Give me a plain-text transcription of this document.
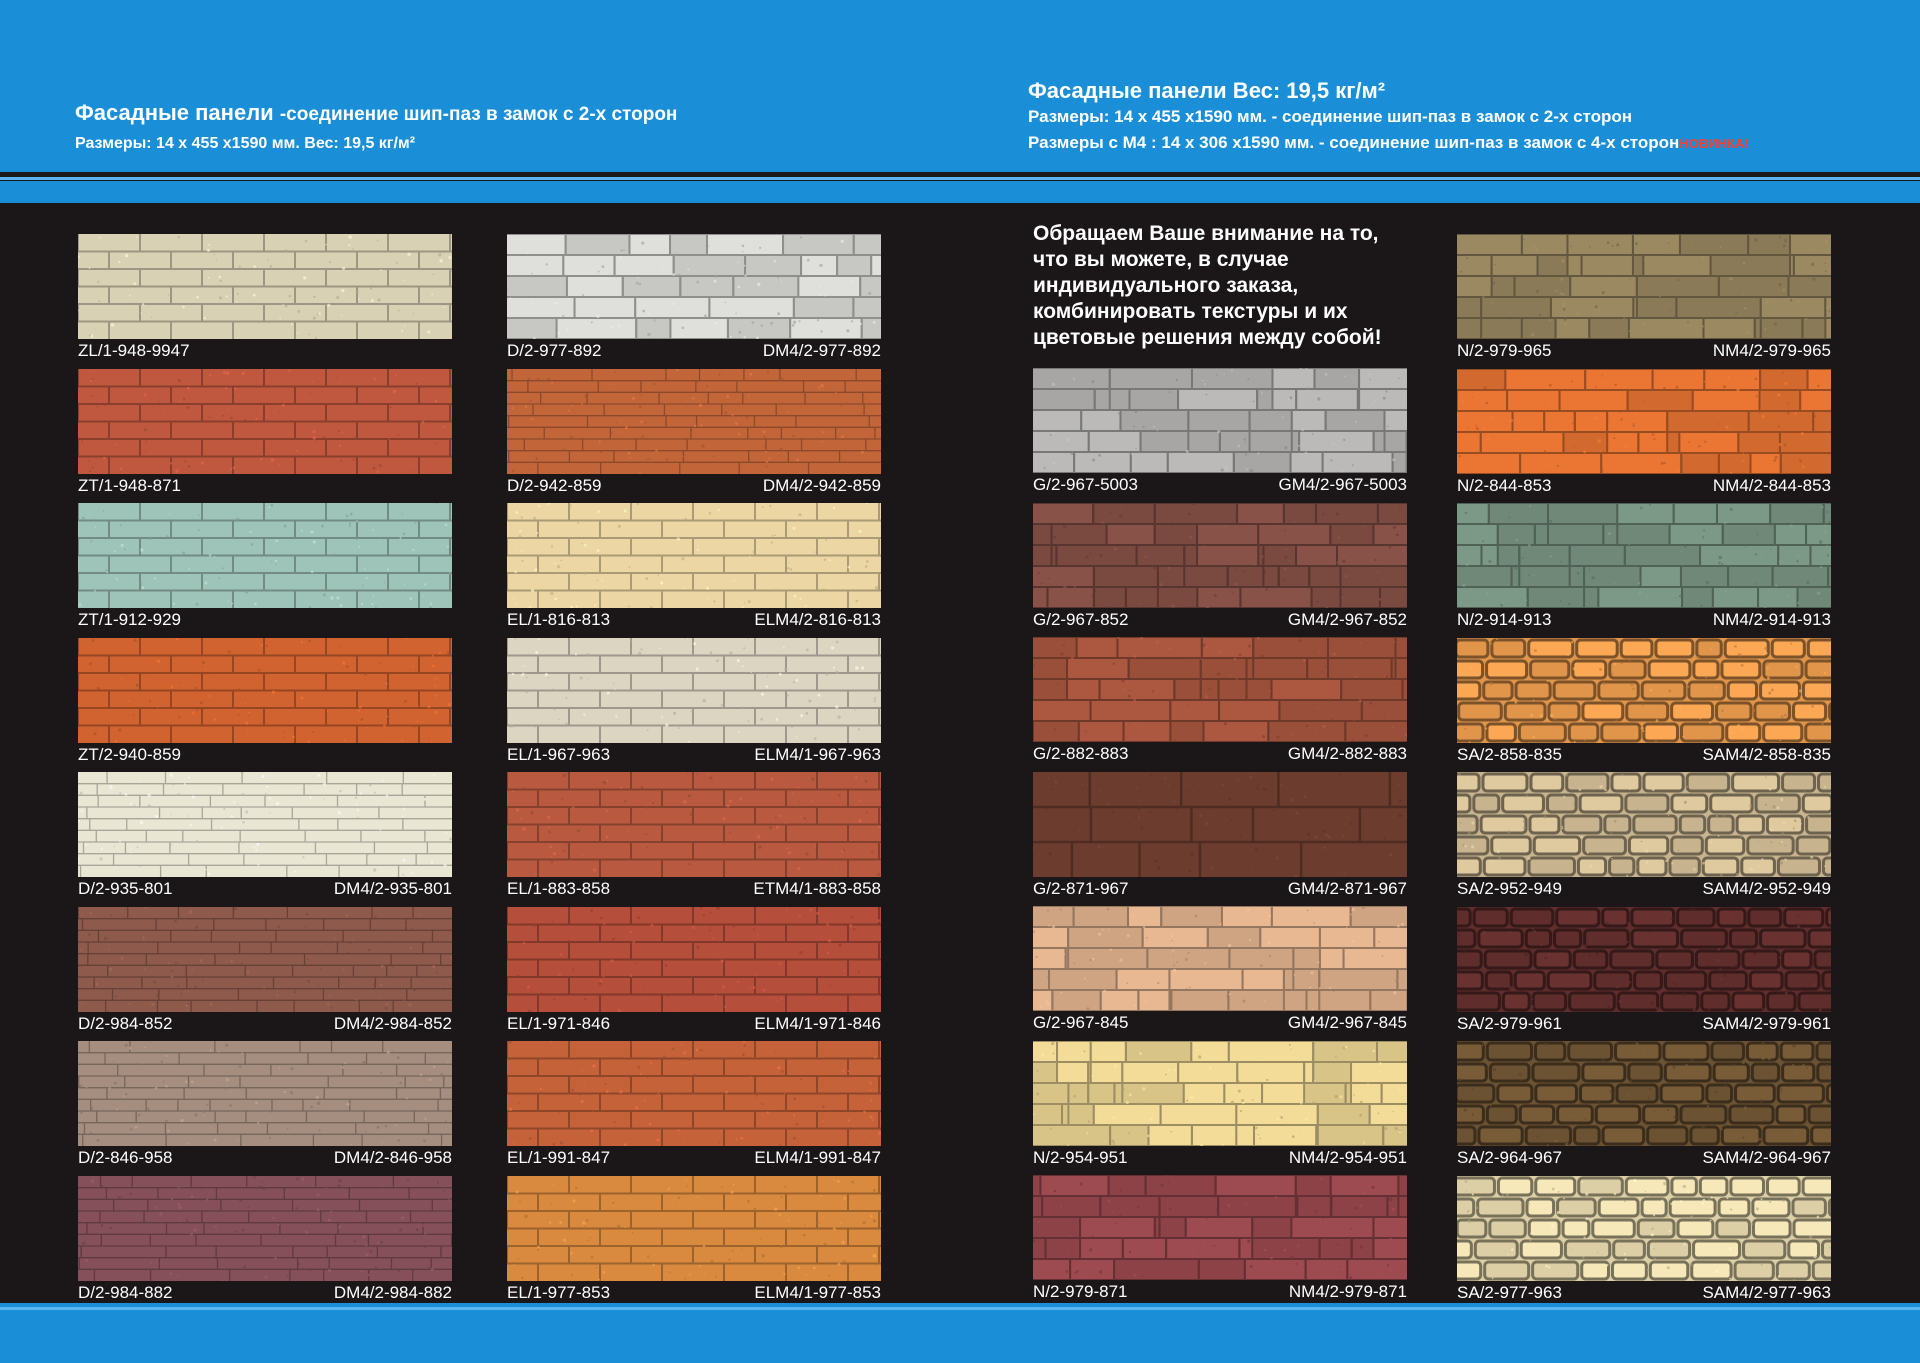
Фасадные панели -соединение шип-паз в замок с 2-х сторон
Размеры: 14 х 455 х1590 мм. Вес: 19,5 кг/м²
Фасадные панели Вес: 19,5 кг/м²
Размеры: 14 х 455 х1590 мм. - соединение шип-паз в замок с 2-х сторон
Размеры с М4 : 14 х 306 х1590 мм. - соединение шип-паз в замок с 4-х сторонНОВИНКА!
Обращаем Ваше внимание на то, что вы можете, в случае индивидуального заказа, комбинировать текстуры и их цветовые решения между собой!
ZL/1-948-9947
ZT/1-948-871
ZT/1-912-929
ZT/2-940-859
D/2-935-801	DM4/2-935-801
D/2-984-852	DM4/2-984-852
D/2-846-958	DM4/2-846-958
D/2-984-882	DM4/2-984-882
D/2-977-892	DM4/2-977-892
D/2-942-859	DM4/2-942-859
EL/1-816-813	ELM4/2-816-813
EL/1-967-963	ELM4/1-967-963
EL/1-883-858	ETM4/1-883-858
EL/1-971-846	ELM4/1-971-846
EL/1-991-847	ELM4/1-991-847
EL/1-977-853	ELM4/1-977-853
G/2-967-5003	GM4/2-967-5003
G/2-967-852	GM4/2-967-852
G/2-882-883	GM4/2-882-883
G/2-871-967	GM4/2-871-967
G/2-967-845	GM4/2-967-845
N/2-954-951	NM4/2-954-951
N/2-979-871	NM4/2-979-871
N/2-979-965	NM4/2-979-965
N/2-844-853	NM4/2-844-853
N/2-914-913	NM4/2-914-913
SA/2-858-835	SAM4/2-858-835
SA/2-952-949	SAM4/2-952-949
SA/2-979-961	SAM4/2-979-961
SA/2-964-967	SAM4/2-964-967
SA/2-977-963	SAM4/2-977-963
